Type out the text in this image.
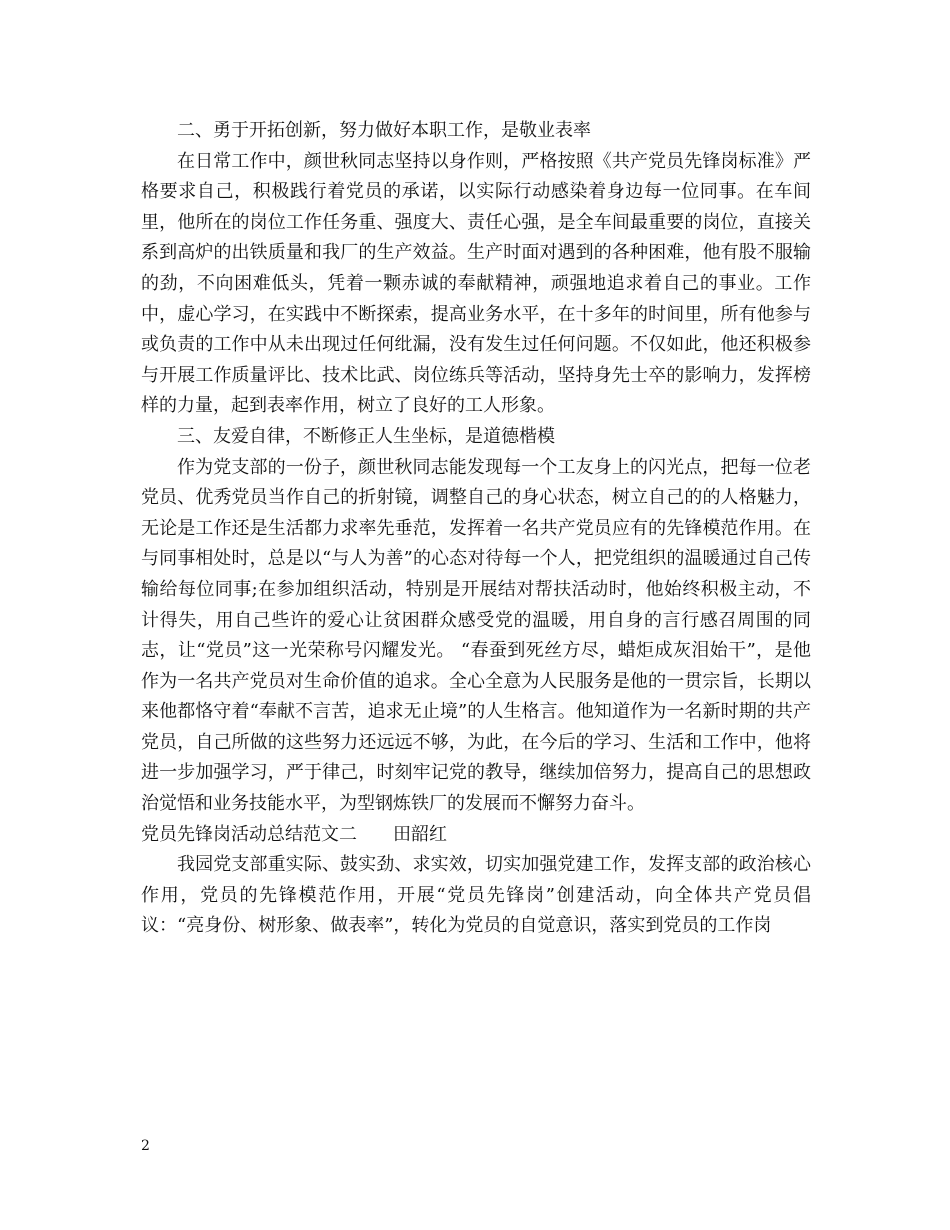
二、勇于开拓创新，努力做好本职工作，是敬业表率

在日常工作中，颜世秋同志坚持以身作则，严格按照《共产党员先锋岗标准》严格要求自己，积极践行着党员的承诺，以实际行动感染着身边每一位同事。在车间里，他所在的岗位工作任务重、强度大、责任心强，是全车间最重要的岗位，直接关系到高炉的出铁质量和我厂的生产效益。生产时面对遇到的各种困难，他有股不服输的劲，不向困难低头，凭着一颗赤诚的奉献精神，顽强地追求着自己的事业。工作中，虚心学习，在实践中不断探索，提高业务水平，在十多年的时间里，所有他参与或负责的工作中从未出现过任何纰漏，没有发生过任何问题。不仅如此，他还积极参与开展工作质量评比、技术比武、岗位练兵等活动，坚持身先士卒的影响力，发挥榜样的力量，起到表率作用，树立了良好的工人形象。

三、友爱自律，不断修正人生坐标，是道德楷模

作为党支部的一份子，颜世秋同志能发现每一个工友身上的闪光点，把每一位老党员、优秀党员当作自己的折射镜，调整自己的身心状态，树立自己的的人格魅力，无论是工作还是生活都力求率先垂范，发挥着一名共产党员应有的先锋模范作用。在与同事相处时，总是以“与人为善”的心态对待每一个人，把党组织的温暖通过自己传输给每位同事;在参加组织活动，特别是开展结对帮扶活动时，他始终积极主动，不计得失，用自己些许的爱心让贫困群众感受党的温暖，用自身的言行感召周围的同志，让“党员”这一光荣称号闪耀发光。 “春蚕到死丝方尽，蜡炬成灰泪始干”，是他作为一名共产党员对生命价值的追求。全心全意为人民服务是他的一贯宗旨，长期以来他都恪守着“奉献不言苦，追求无止境”的人生格言。他知道作为一名新时期的共产党员，自己所做的这些努力还远远不够，为此，在今后的学习、生活和工作中，他将进一步加强学习，严于律己，时刻牢记党的教导，继续加倍努力，提高自己的思想政治觉悟和业务技能水平，为型钢炼铁厂的发展而不懈努力奋斗。

党员先锋岗活动总结范文二 田韶红

我园党支部重实际、鼓实劲、求实效，切实加强党建工作，发挥支部的政治核心作用，党员的先锋模范作用，开展“党员先锋岗”创建活动，向全体共产党员倡议：“亮身份、树形象、做表率”，转化为党员的自觉意识，落实到党员的工作岗

2
